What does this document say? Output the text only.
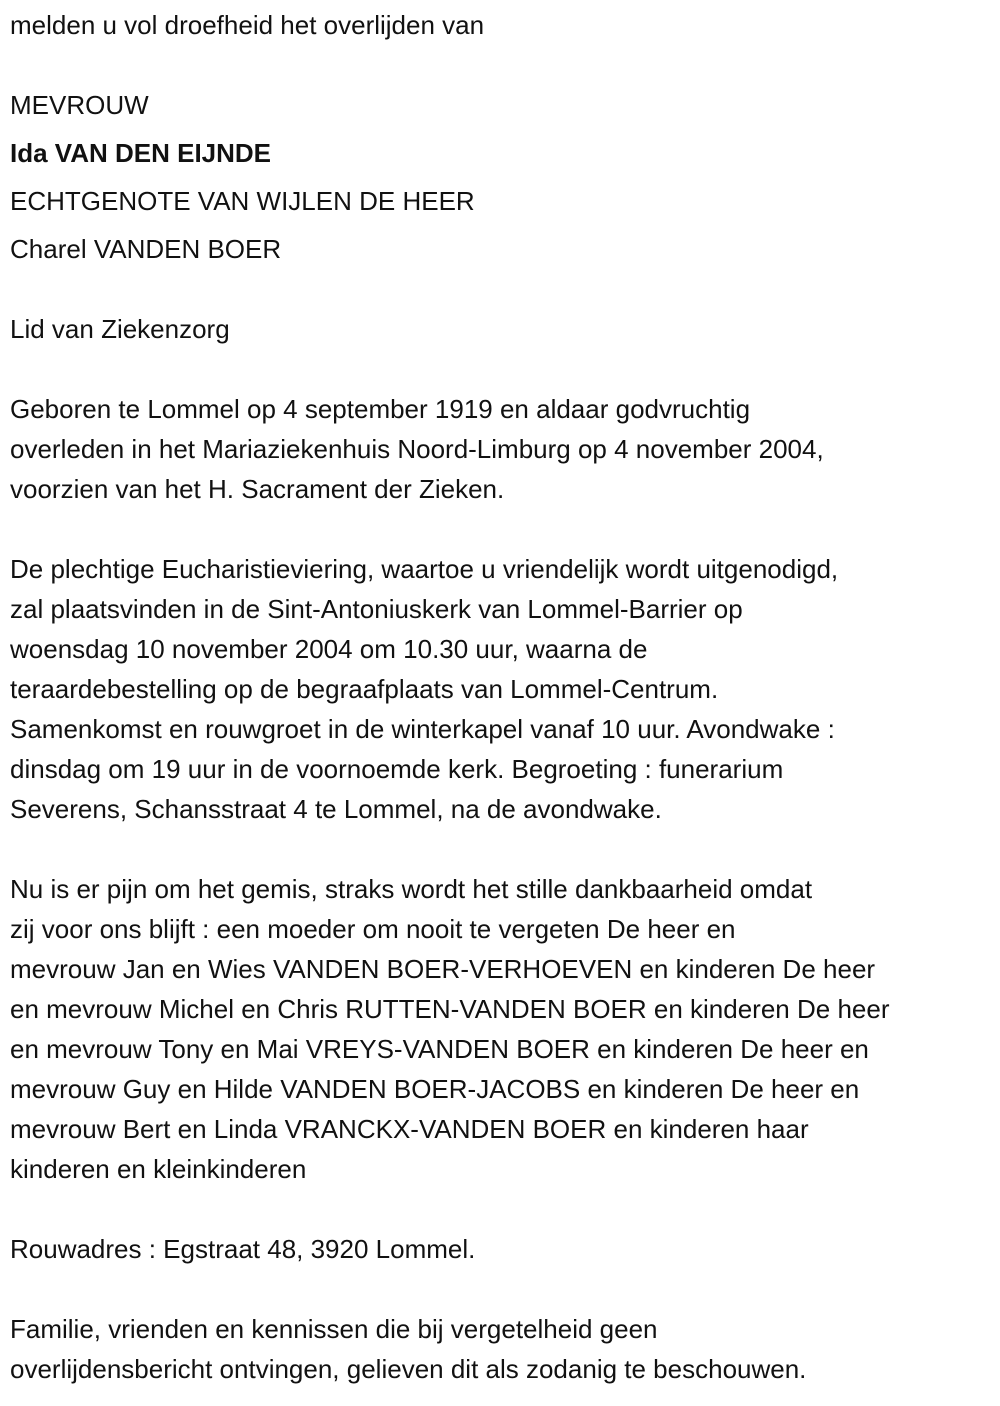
melden u vol droefheid het overlijden van
MEVROUW
Ida VAN DEN EIJNDE
ECHTGENOTE VAN WIJLEN DE HEER
Charel VANDEN BOER
Lid van Ziekenzorg
Geboren te Lommel op 4 september 1919 en aldaar godvruchtig
overleden in het Mariaziekenhuis Noord-Limburg op 4 november 2004,
voorzien van het H. Sacrament der Zieken.
De plechtige Eucharistieviering, waartoe u vriendelijk wordt uitgenodigd,
zal plaatsvinden in de Sint-Antoniuskerk van Lommel-Barrier op
woensdag 10 november 2004 om 10.30 uur, waarna de
teraardebestelling op de begraafplaats van Lommel-Centrum.
Samenkomst en rouwgroet in de winterkapel vanaf 10 uur. Avondwake :
dinsdag om 19 uur in de voornoemde kerk. Begroeting : funerarium
Severens, Schansstraat 4 te Lommel, na de avondwake.
Nu is er pijn om het gemis, straks wordt het stille dankbaarheid omdat
zij voor ons blijft : een moeder om nooit te vergeten De heer en
mevrouw Jan en Wies VANDEN BOER-VERHOEVEN en kinderen De heer
en mevrouw Michel en Chris RUTTEN-VANDEN BOER en kinderen De heer
en mevrouw Tony en Mai VREYS-VANDEN BOER en kinderen De heer en
mevrouw Guy en Hilde VANDEN BOER-JACOBS en kinderen De heer en
mevrouw Bert en Linda VRANCKX-VANDEN BOER en kinderen haar
kinderen en kleinkinderen
Rouwadres : Egstraat 48, 3920 Lommel.
Familie, vrienden en kennissen die bij vergetelheid geen
overlijdensbericht ontvingen, gelieven dit als zodanig te beschouwen.
